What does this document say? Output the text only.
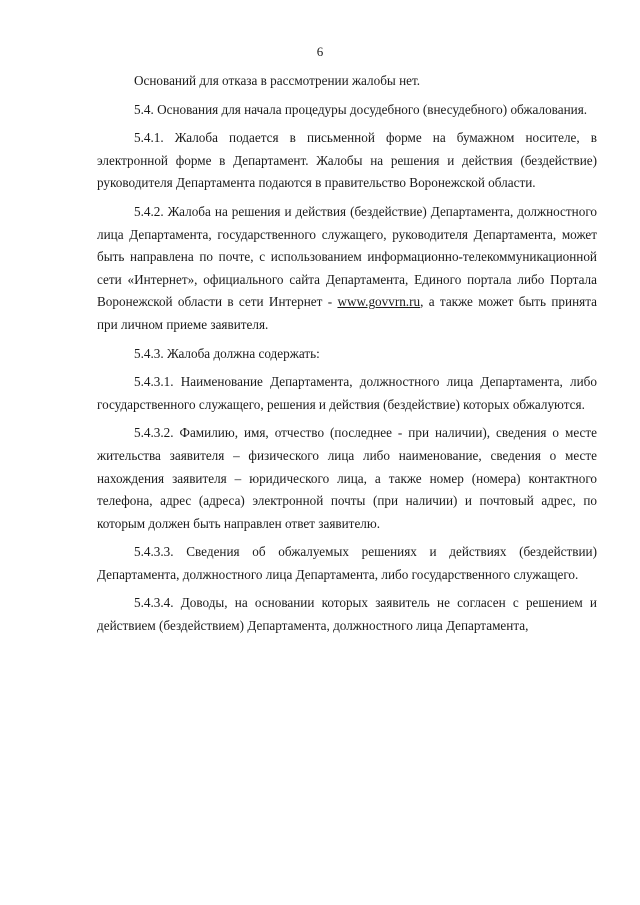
6

Оснований для отказа в рассмотрении жалобы нет.

5.4. Основания для начала процедуры досудебного (внесудебного) обжалования.

5.4.1. Жалоба подается в письменной форме на бумажном носителе, в электронной форме в Департамент. Жалобы на решения и действия (бездействие) руководителя Департамента подаются в правительство Воронежской области.

5.4.2. Жалоба на решения и действия (бездействие) Департамента, должностного лица Департамента, государственного служащего, руководителя Департамента, может быть направлена по почте, с использованием информационно-телекоммуникационной сети «Интернет», официального сайта Департамента, Единого портала либо Портала Воронежской области в сети Интернет - www.govvrn.ru, а также может быть принята при личном приеме заявителя.

5.4.3. Жалоба должна содержать:

5.4.3.1. Наименование Департамента, должностного лица Департамента, либо государственного служащего, решения и действия (бездействие) которых обжалуются.

5.4.3.2. Фамилию, имя, отчество (последнее - при наличии), сведения о месте жительства заявителя – физического лица либо наименование, сведения о месте нахождения заявителя – юридического лица, а также номер (номера) контактного телефона, адрес (адреса) электронной почты (при наличии) и почтовый адрес, по которым должен быть направлен ответ заявителю.

5.4.3.3. Сведения об обжалуемых решениях и действиях (бездействии) Департамента, должностного лица Департамента, либо государственного служащего.

5.4.3.4. Доводы, на основании которых заявитель не согласен с решением и действием (бездействием) Департамента, должностного лица Департамента,
